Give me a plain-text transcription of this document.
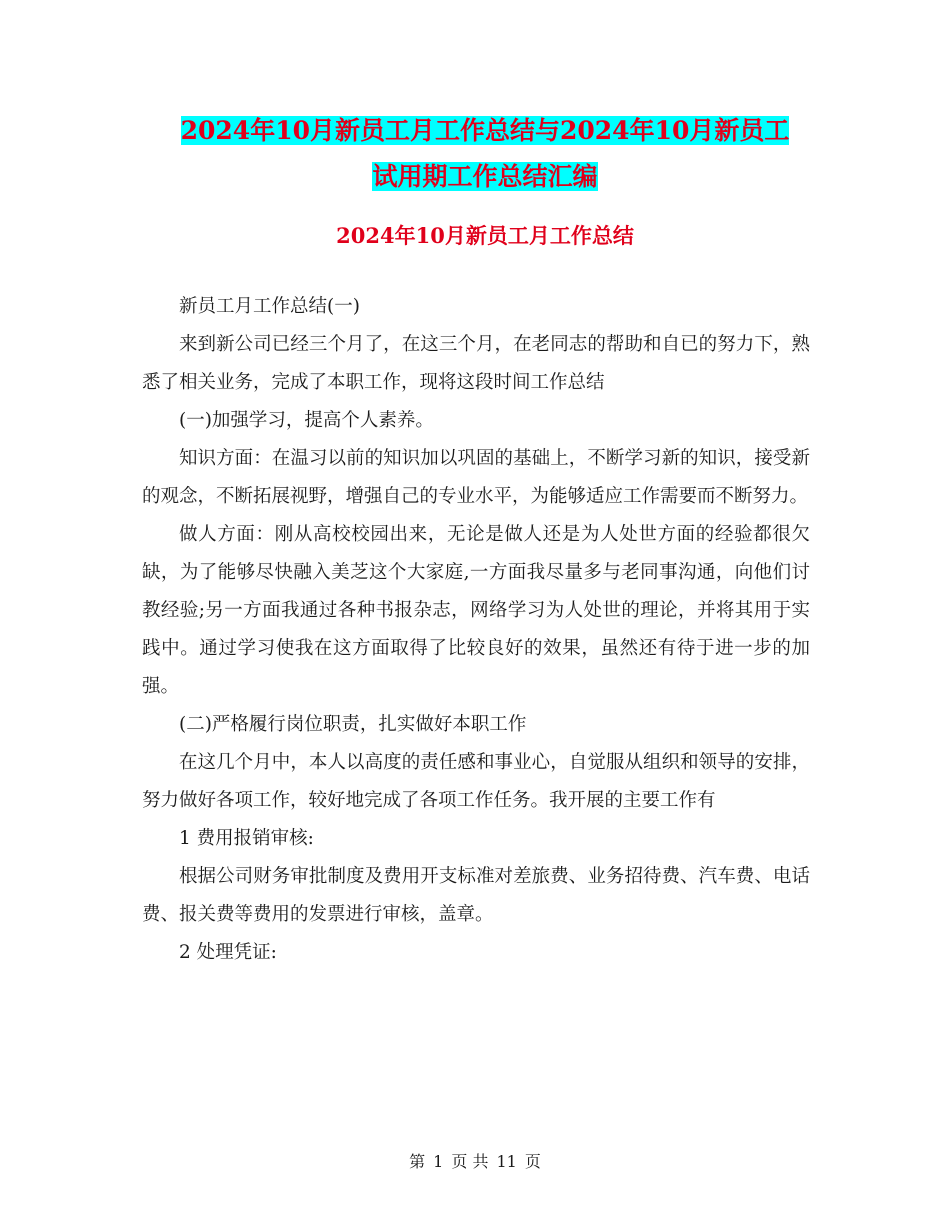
2024年10月新员工月工作总结与2024年10月新员工
试用期工作总结汇编
2024年10月新员工月工作总结

新员工月工作总结(一)

来到新公司已经三个月了，在这三个月，在老同志的帮助和自已的努力下，熟悉了相关业务，完成了本职工作，现将这段时间工作总结

(一)加强学习，提高个人素养。

知识方面：在温习以前的知识加以巩固的基础上，不断学习新的知识，接受新的观念，不断拓展视野，增强自己的专业水平，为能够适应工作需要而不断努力。

做人方面：刚从高校校园出来，无论是做人还是为人处世方面的经验都很欠缺，为了能够尽快融入美芝这个大家庭,一方面我尽量多与老同事沟通，向他们讨教经验;另一方面我通过各种书报杂志，网络学习为人处世的理论，并将其用于实践中。通过学习使我在这方面取得了比较良好的效果，虽然还有待于进一步的加强。

(二)严格履行岗位职责，扎实做好本职工作

在这几个月中，本人以高度的责任感和事业心，自觉服从组织和领导的安排，努力做好各项工作，较好地完成了各项工作任务。我开展的主要工作有

1 费用报销审核:

根据公司财务审批制度及费用开支标准对差旅费、业务招待费、汽车费、电话费、报关费等费用的发票进行审核，盖章。

2 处理凭证:

第 1 页 共 11 页
